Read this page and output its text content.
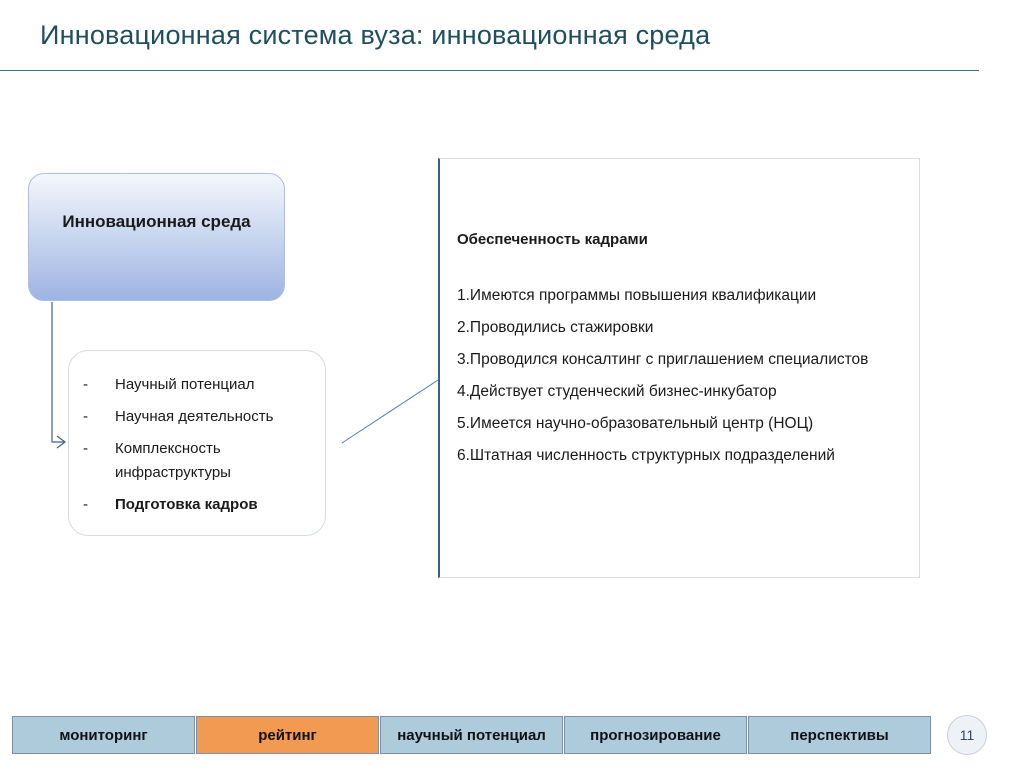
Инновационная система вуза: инновационная среда
Инновационная среда
-	Научный потенциал
-	Научная деятельность
-	Комплексность инфраструктуры
-	Подготовка кадров
Обеспеченность кадрами
1.Имеются программы повышения квалификации
2.Проводились стажировки
3.Проводился консалтинг с приглашением специалистов
4.Действует студенческий бизнес-инкубатор
5.Имеется научно-образовательный центр (НОЦ)
6.Штатная численность структурных подразделений
мониторинг	рейтинг	научный потенциал	прогнозирование	перспективы	11
